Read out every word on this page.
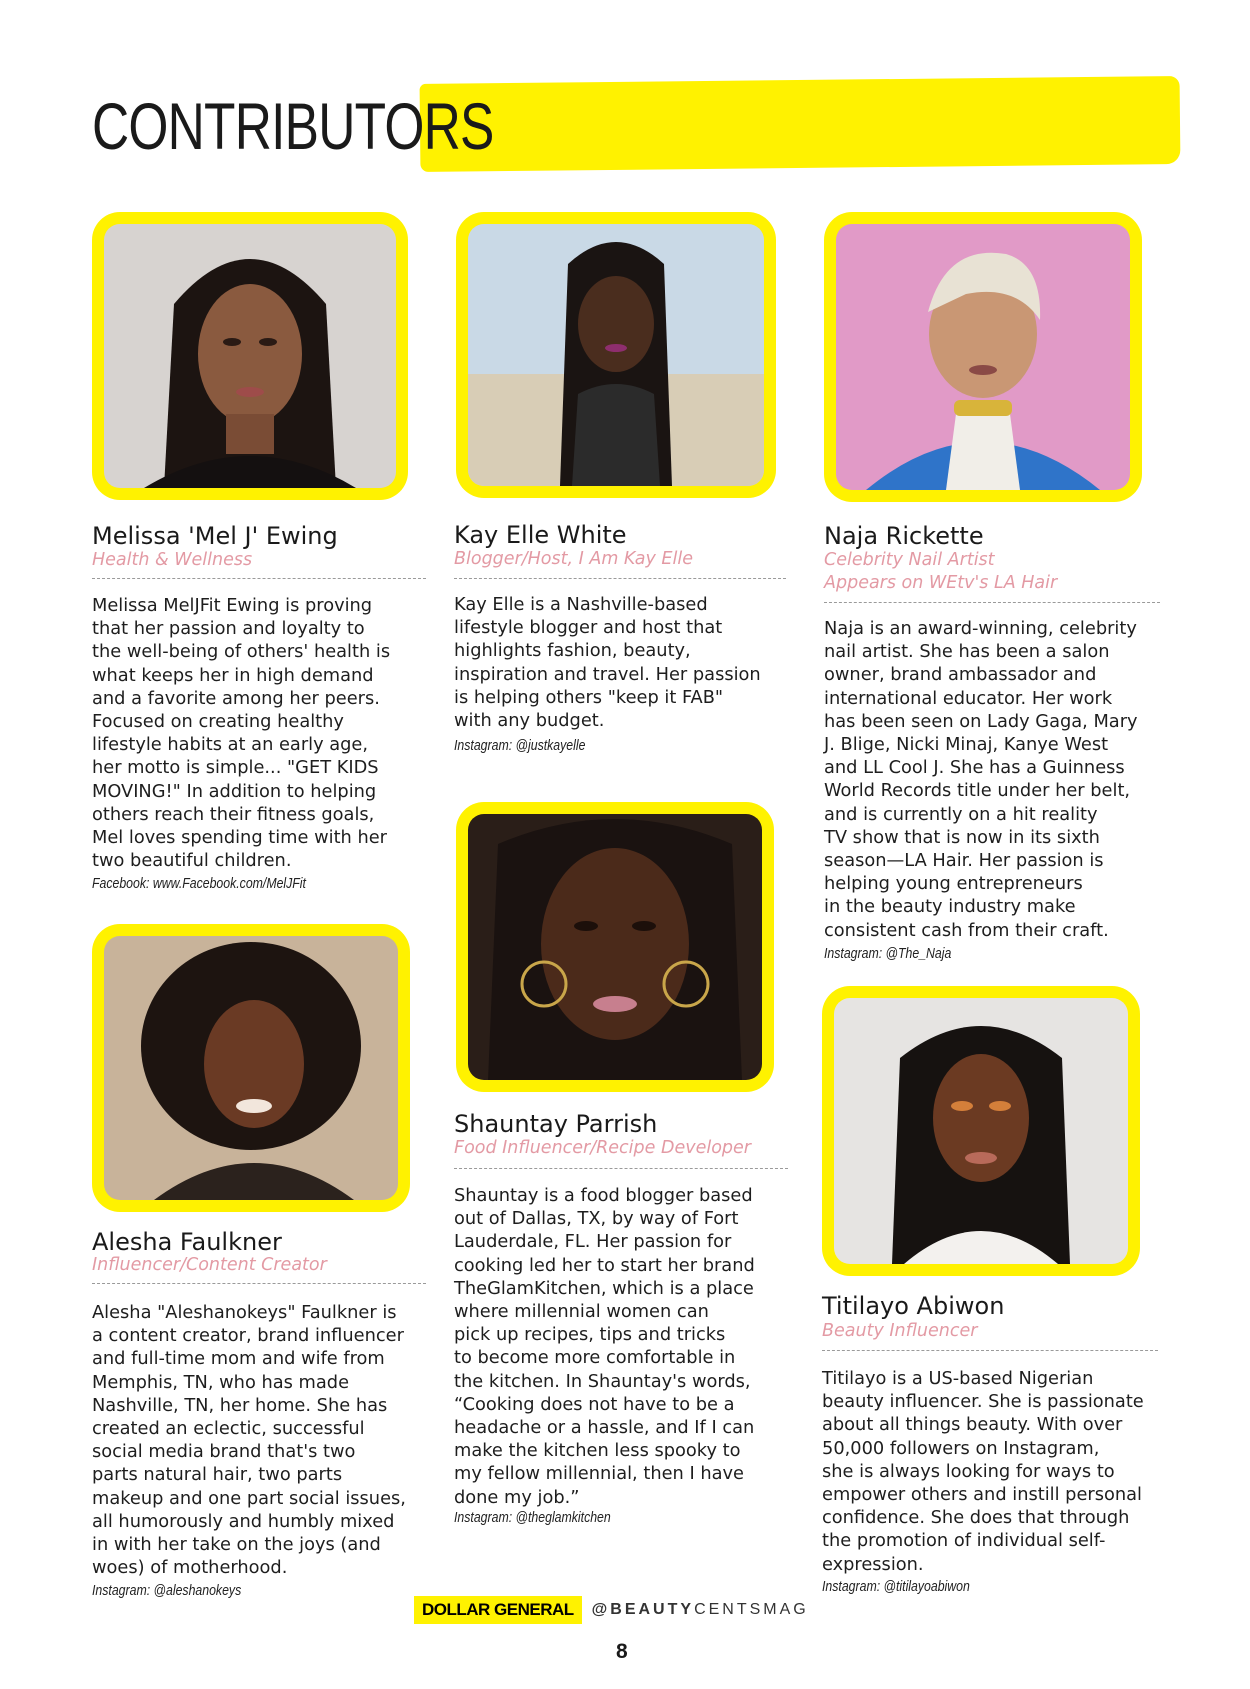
CONTRIBUTORS
Melissa 'Mel J' Ewing
Health & Wellness

Melissa MelJFit Ewing is proving

that her passion and loyalty to

the well-being of others' health is

what keeps her in high demand

and a favorite among her peers.

Focused on creating healthy

lifestyle habits at an early age,

her motto is simple... "GET KIDS

MOVING!" In addition to helping

others reach their fitness goals,

Mel loves spending time with her

two beautiful children.

Facebook: www.Facebook.com/MelJFit
Kay Elle White
Blogger/Host, I Am Kay Elle

Kay Elle is a Nashville-based

lifestyle blogger and host that

highlights fashion, beauty,

inspiration and travel. Her passion

is helping others "keep it FAB"

with any budget.

Instagram: @justkayelle
Naja Rickette
Celebrity Nail Artist
Appears on WEtv's LA Hair

Naja is an award-winning, celebrity

nail artist. She has been a salon

owner, brand ambassador and

international educator. Her work

has been seen on Lady Gaga, Mary

J. Blige, Nicki Minaj, Kanye West

and LL Cool J. She has a Guinness

World Records title under her belt,

and is currently on a hit reality

TV show that is now in its sixth

season—LA Hair. Her passion is

helping young entrepreneurs

in the beauty industry make

consistent cash from their craft.

Instagram: @The_Naja
Shauntay Parrish
Food Influencer/Recipe Developer

Shauntay is a food blogger based

out of Dallas, TX, by way of Fort

Lauderdale, FL. Her passion for

cooking led her to start her brand

TheGlamKitchen, which is a place

where millennial women can

pick up recipes, tips and tricks

to become more comfortable in

the kitchen. In Shauntay's words,

“Cooking does not have to be a

headache or a hassle, and If I can

make the kitchen less spooky to

my fellow millennial, then I have

done my job.”

Instagram: @theglamkitchen
Alesha Faulkner
Influencer/Content Creator

Alesha "Aleshanokeys" Faulkner is

a content creator, brand influencer

and full-time mom and wife from

Memphis, TN, who has made

Nashville, TN, her home. She has

created an eclectic, successful

social media brand that's two

parts natural hair, two parts

makeup and one part social issues,

all humorously and humbly mixed

in with her take on the joys (and

woes) of motherhood.

Instagram: @aleshanokeys
Titilayo Abiwon
Beauty Influencer

Titilayo is a US-based Nigerian

beauty influencer. She is passionate

about all things beauty. With over

50,000 followers on Instagram,

she is always looking for ways to

empower others and instill personal

confidence. She does that through

the promotion of individual self-

expression.

Instagram: @titilayoabiwon
DOLLAR GENERAL	@BEAUTYCENTSMAG
8
